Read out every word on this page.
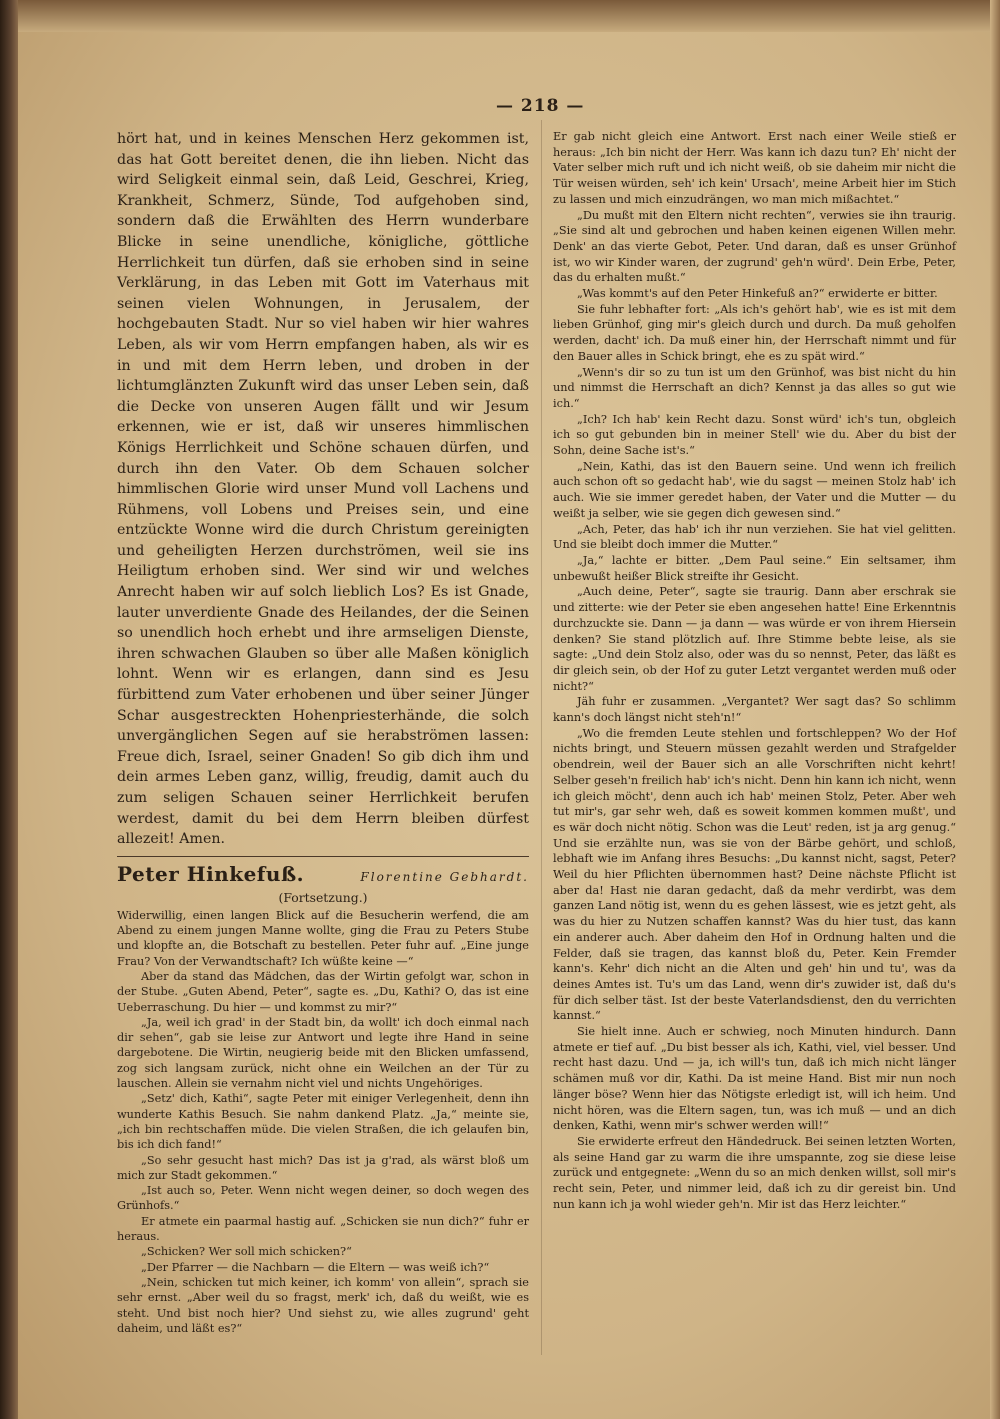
— 218 —

hört hat, und in keines Menschen Herz gekommen ist, das hat Gott bereitet denen, die ihn lieben. Nicht das wird Seligkeit einmal sein, daß Leid, Geschrei, Krieg, Krankheit, Schmerz, Sünde, Tod aufgehoben sind, sondern daß die Erwählten des Herrn wunderbare Blicke in seine unendliche, königliche, göttliche Herrlichkeit tun dürfen, daß sie erhoben sind in seine Verklärung, in das Leben mit Gott im Vaterhaus mit seinen vielen Wohnungen, in Jerusalem, der hochgebauten Stadt. Nur so viel haben wir hier wahres Leben, als wir vom Herrn empfangen haben, als wir es in und mit dem Herrn leben, und droben in der lichtumglänzten Zukunft wird das unser Leben sein, daß die Decke von unseren Augen fällt und wir Jesum erkennen, wie er ist, daß wir unseres himmlischen Königs Herrlichkeit und Schöne schauen dürfen, und durch ihn den Vater. Ob dem Schauen solcher himmlischen Glorie wird unser Mund voll Lachens und Rühmens, voll Lobens und Preises sein, und eine entzückte Wonne wird die durch Christum gereinigten und geheiligten Herzen durchströmen, weil sie ins Heiligtum erhoben sind. Wer sind wir und welches Anrecht haben wir auf solch lieblich Los? Es ist Gnade, lauter unverdiente Gnade des Heilandes, der die Seinen so unendlich hoch erhebt und ihre armseligen Dienste, ihren schwachen Glauben so über alle Maßen königlich lohnt. Wenn wir es erlangen, dann sind es Jesu fürbittend zum Vater erhobenen und über seiner Jünger Schar ausgestreckten Hohenpriesterhände, die solch unvergänglichen Segen auf sie herabströmen lassen: Freue dich, Israel, seiner Gnaden! So gib dich ihm und dein armes Leben ganz, willig, freudig, damit auch du zum seligen Schauen seiner Herrlichkeit berufen werdest, damit du bei dem Herrn bleiben dürfest allezeit! Amen.

Peter Hinkefuß.	Florentine Gebhardt.

(Fortsetzung.)

Widerwillig, einen langen Blick auf die Besucherin werfend, die am Abend zu einem jungen Manne wollte, ging die Frau zu Peters Stube und klopfte an, die Botschaft zu bestellen. Peter fuhr auf. „Eine junge Frau? Von der Verwandtschaft? Ich wüßte keine —“

Aber da stand das Mädchen, das der Wirtin gefolgt war, schon in der Stube. „Guten Abend, Peter“, sagte es. „Du, Kathi? O, das ist eine Ueberraschung. Du hier — und kommst zu mir?“

„Ja, weil ich grad' in der Stadt bin, da wollt' ich doch einmal nach dir sehen“, gab sie leise zur Antwort und legte ihre Hand in seine dargebotene. Die Wirtin, neugierig beide mit den Blicken umfassend, zog sich langsam zurück, nicht ohne ein Weilchen an der Tür zu lauschen. Allein sie vernahm nicht viel und nichts Ungehöriges.

„Setz' dich, Kathi“, sagte Peter mit einiger Verlegenheit, denn ihn wunderte Kathis Besuch. Sie nahm dankend Platz. „Ja,“ meinte sie, „ich bin rechtschaffen müde. Die vielen Straßen, die ich gelaufen bin, bis ich dich fand!“

„So sehr gesucht hast mich? Das ist ja g'rad, als wärst bloß um mich zur Stadt gekommen.“

„Ist auch so, Peter. Wenn nicht wegen deiner, so doch wegen des Grünhofs.“

Er atmete ein paarmal hastig auf. „Schicken sie nun dich?“ fuhr er heraus.

„Schicken? Wer soll mich schicken?“

„Der Pfarrer — die Nachbarn — die Eltern — was weiß ich?“

„Nein, schicken tut mich keiner, ich komm' von allein“, sprach sie sehr ernst. „Aber weil du so fragst, merk' ich, daß du weißt, wie es steht. Und bist noch hier? Und siehst zu, wie alles zugrund' geht daheim, und läßt es?“

Er gab nicht gleich eine Antwort. Erst nach einer Weile stieß er heraus: „Ich bin nicht der Herr. Was kann ich dazu tun? Eh' nicht der Vater selber mich ruft und ich nicht weiß, ob sie daheim mir nicht die Tür weisen würden, seh' ich kein' Ursach', meine Arbeit hier im Stich zu lassen und mich einzudrängen, wo man mich mißachtet.“

„Du mußt mit den Eltern nicht rechten“, verwies sie ihn traurig. „Sie sind alt und gebrochen und haben keinen eigenen Willen mehr. Denk' an das vierte Gebot, Peter. Und daran, daß es unser Grünhof ist, wo wir Kinder waren, der zugrund' geh'n würd'. Dein Erbe, Peter, das du erhalten mußt.“

„Was kommt's auf den Peter Hinkefuß an?“ erwiderte er bitter.

Sie fuhr lebhafter fort: „Als ich's gehört hab', wie es ist mit dem lieben Grünhof, ging mir's gleich durch und durch. Da muß geholfen werden, dacht' ich. Da muß einer hin, der Herrschaft nimmt und für den Bauer alles in Schick bringt, ehe es zu spät wird.“

„Wenn's dir so zu tun ist um den Grünhof, was bist nicht du hin und nimmst die Herrschaft an dich? Kennst ja das alles so gut wie ich.“

„Ich? Ich hab' kein Recht dazu. Sonst würd' ich's tun, obgleich ich so gut gebunden bin in meiner Stell' wie du. Aber du bist der Sohn, deine Sache ist's.“

„Nein, Kathi, das ist den Bauern seine. Und wenn ich freilich auch schon oft so gedacht hab', wie du sagst — meinen Stolz hab' ich auch. Wie sie immer geredet haben, der Vater und die Mutter — du weißt ja selber, wie sie gegen dich gewesen sind.“

„Ach, Peter, das hab' ich ihr nun verziehen. Sie hat viel gelitten. Und sie bleibt doch immer die Mutter.“

„Ja,“ lachte er bitter. „Dem Paul seine.“ Ein seltsamer, ihm unbewußt heißer Blick streifte ihr Gesicht.

„Auch deine, Peter“, sagte sie traurig. Dann aber erschrak sie und zitterte: wie der Peter sie eben angesehen hatte! Eine Erkenntnis durchzuckte sie. Dann — ja dann — was würde er von ihrem Hiersein denken? Sie stand plötzlich auf. Ihre Stimme bebte leise, als sie sagte: „Und dein Stolz also, oder was du so nennst, Peter, das läßt es dir gleich sein, ob der Hof zu guter Letzt vergantet werden muß oder nicht?“

Jäh fuhr er zusammen. „Vergantet? Wer sagt das? So schlimm kann's doch längst nicht steh'n!“

„Wo die fremden Leute stehlen und fortschleppen? Wo der Hof nichts bringt, und Steuern müssen gezahlt werden und Strafgelder obendrein, weil der Bauer sich an alle Vorschriften nicht kehrt! Selber geseh'n freilich hab' ich's nicht. Denn hin kann ich nicht, wenn ich gleich möcht', denn auch ich hab' meinen Stolz, Peter. Aber weh tut mir's, gar sehr weh, daß es soweit kommen kommen mußt', und es wär doch nicht nötig. Schon was die Leut' reden, ist ja arg genug.“ Und sie erzählte nun, was sie von der Bärbe gehört, und schloß, lebhaft wie im Anfang ihres Besuchs: „Du kannst nicht, sagst, Peter? Weil du hier Pflichten übernommen hast? Deine nächste Pflicht ist aber da! Hast nie daran gedacht, daß da mehr verdirbt, was dem ganzen Land nötig ist, wenn du es gehen lässest, wie es jetzt geht, als was du hier zu Nutzen schaffen kannst? Was du hier tust, das kann ein anderer auch. Aber daheim den Hof in Ordnung halten und die Felder, daß sie tragen, das kannst bloß du, Peter. Kein Fremder kann's. Kehr' dich nicht an die Alten und geh' hin und tu', was da deines Amtes ist. Tu's um das Land, wenn dir's zuwider ist, daß du's für dich selber täst. Ist der beste Vaterlandsdienst, den du verrichten kannst.“

Sie hielt inne. Auch er schwieg, noch Minuten hindurch. Dann atmete er tief auf. „Du bist besser als ich, Kathi, viel, viel besser. Und recht hast dazu. Und — ja, ich will's tun, daß ich mich nicht länger schämen muß vor dir, Kathi. Da ist meine Hand. Bist mir nun noch länger böse? Wenn hier das Nötigste erledigt ist, will ich heim. Und nicht hören, was die Eltern sagen, tun, was ich muß — und an dich denken, Kathi, wenn mir's schwer werden will!“

Sie erwiderte erfreut den Händedruck. Bei seinen letzten Worten, als seine Hand gar zu warm die ihre umspannte, zog sie diese leise zurück und entgegnete: „Wenn du so an mich denken willst, soll mir's recht sein, Peter, und nimmer leid, daß ich zu dir gereist bin. Und nun kann ich ja wohl wieder geh'n. Mir ist das Herz leichter.“
